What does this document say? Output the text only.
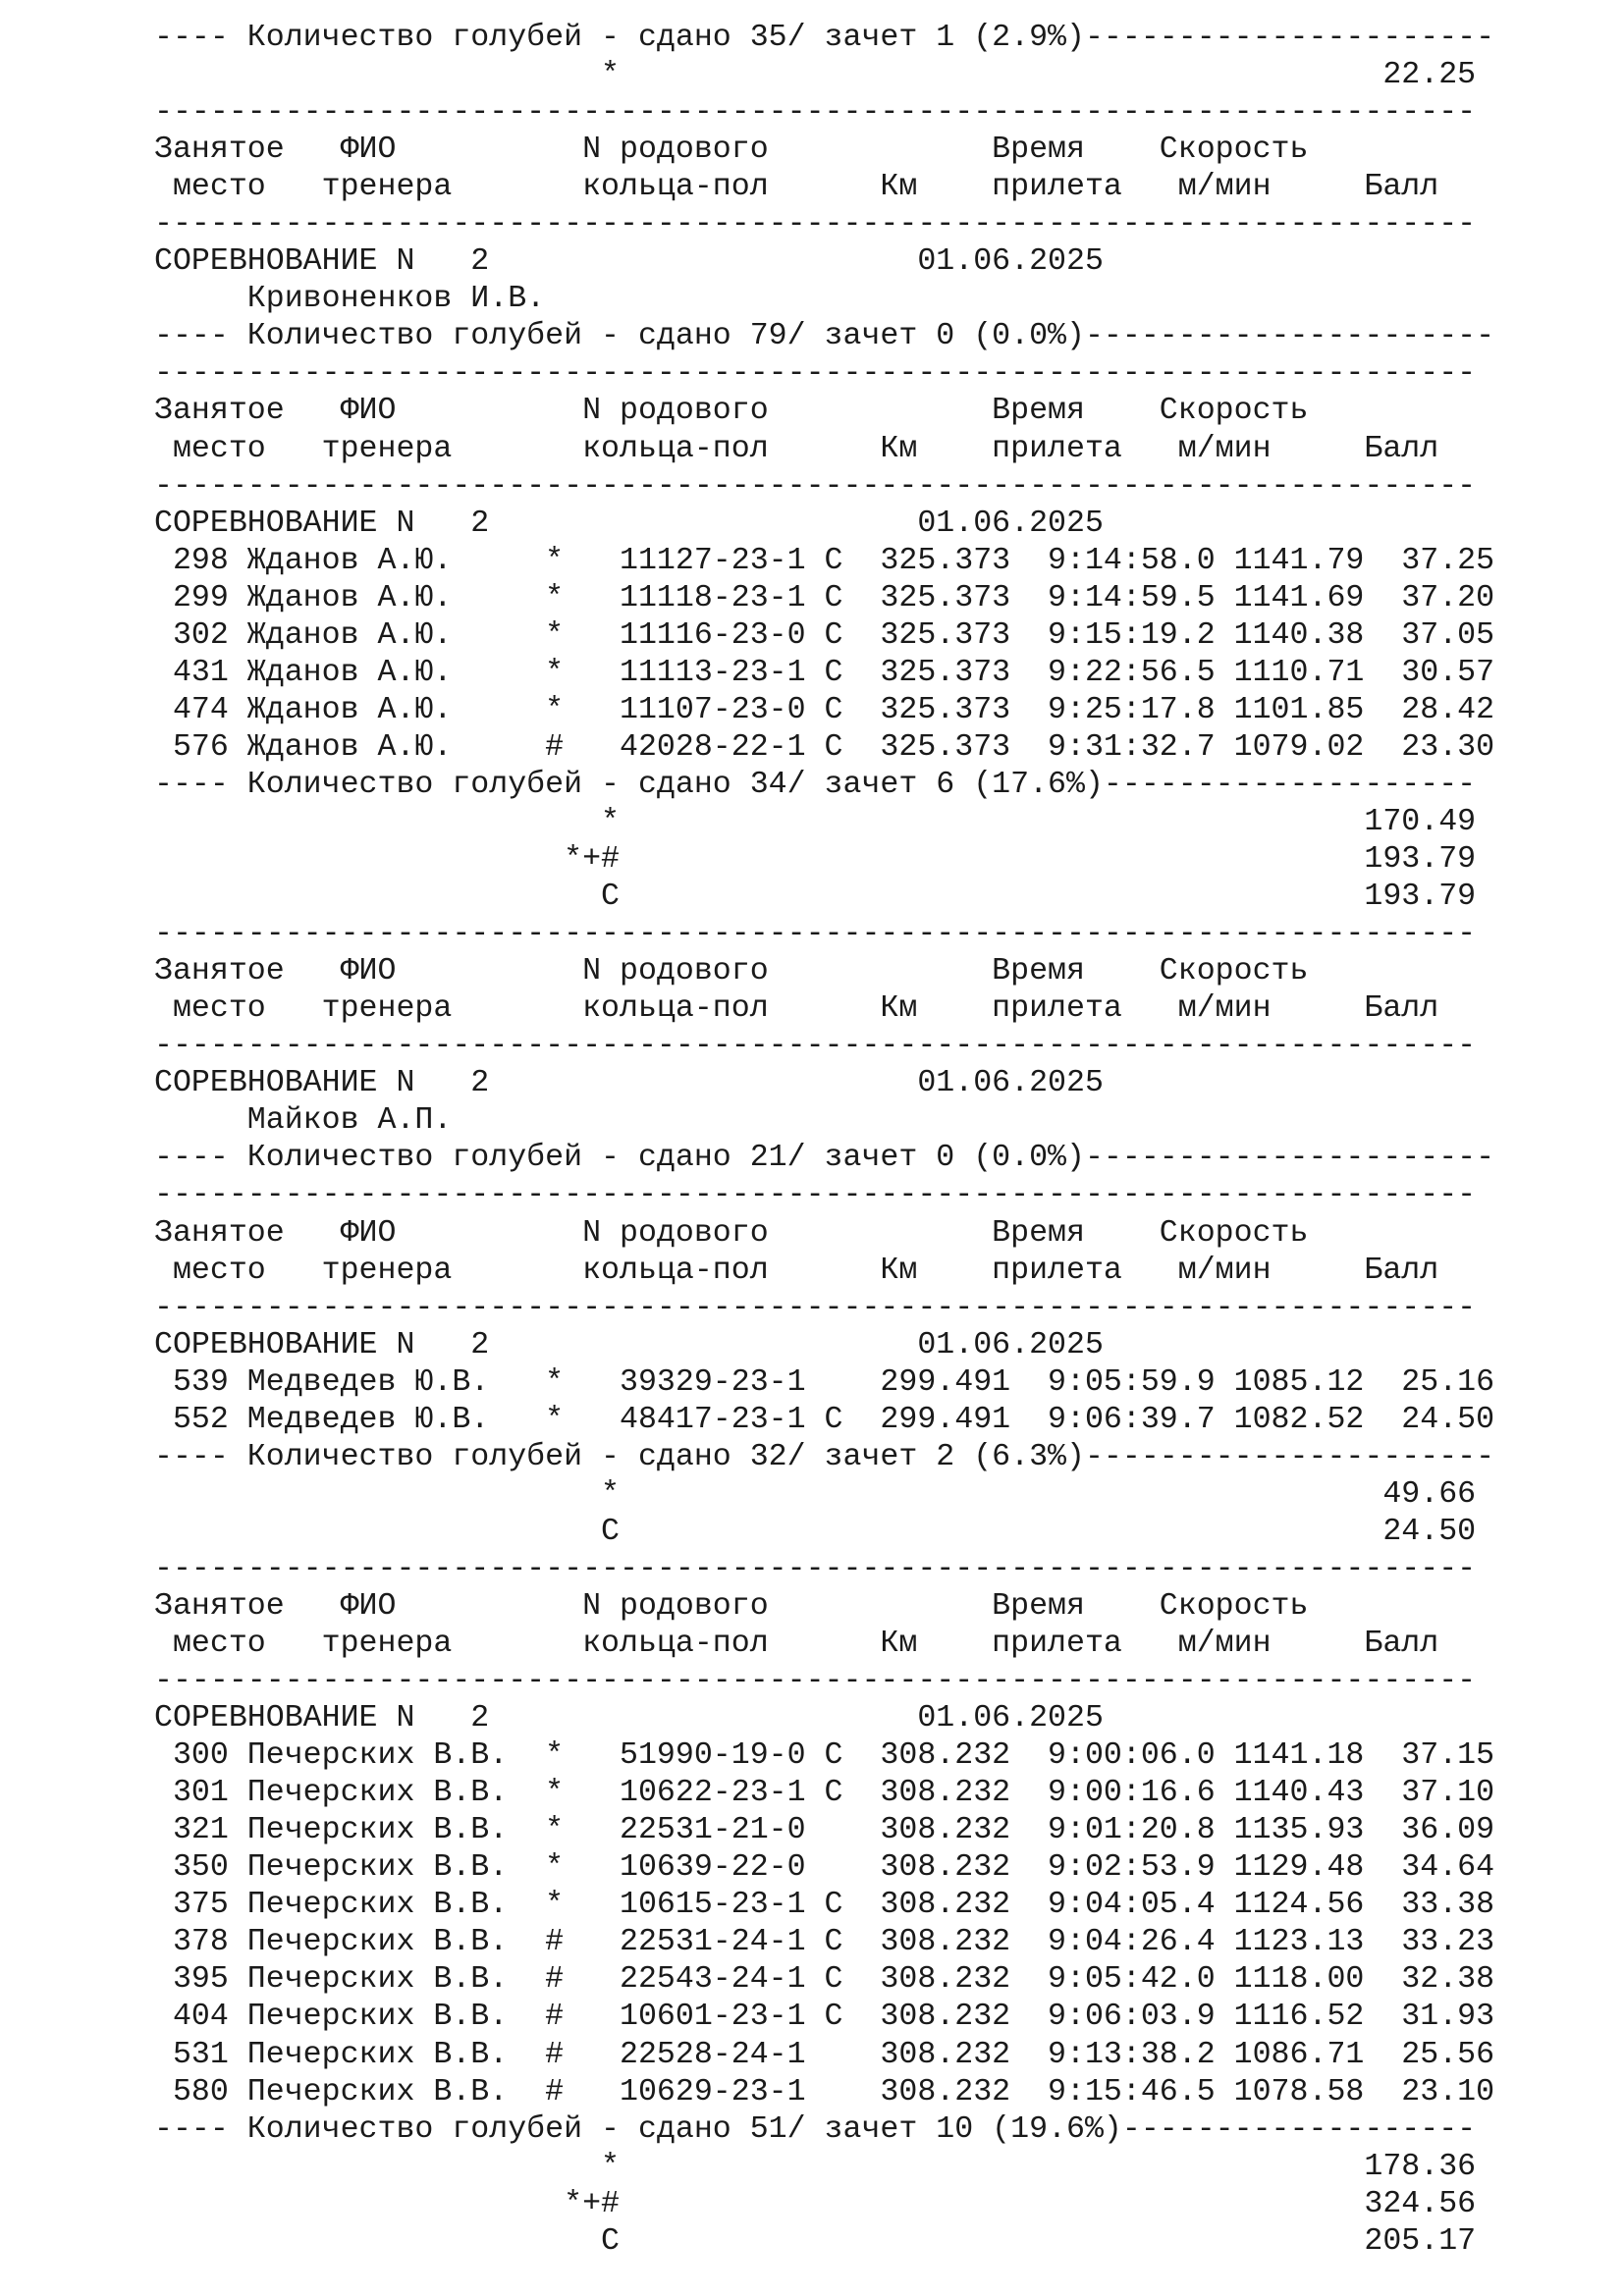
---- Количество голубей - сдано 35/ зачет 1 (2.9%)----------------------
*                                         22.25
-----------------------------------------------------------------------
Занятое   ФИО          N родового            Время    Скорость
место   тренера       кольца-пол      Км    прилета   м/мин     Балл
-----------------------------------------------------------------------
СОРЕВНОВАНИЕ N   2                       01.06.2025
Кривоненков И.В.
---- Количество голубей - сдано 79/ зачет 0 (0.0%)----------------------
-----------------------------------------------------------------------
Занятое   ФИО          N родового            Время    Скорость
место   тренера       кольца-пол      Км    прилета   м/мин     Балл
-----------------------------------------------------------------------
СОРЕВНОВАНИЕ N   2                       01.06.2025
298 Жданов А.Ю.     *   11127-23-1 С  325.373  9:14:58.0 1141.79  37.25
299 Жданов А.Ю.     *   11118-23-1 С  325.373  9:14:59.5 1141.69  37.20
302 Жданов А.Ю.     *   11116-23-0 С  325.373  9:15:19.2 1140.38  37.05
431 Жданов А.Ю.     *   11113-23-1 С  325.373  9:22:56.5 1110.71  30.57
474 Жданов А.Ю.     *   11107-23-0 С  325.373  9:25:17.8 1101.85  28.42
576 Жданов А.Ю.     #   42028-22-1 С  325.373  9:31:32.7 1079.02  23.30
---- Количество голубей - сдано 34/ зачет 6 (17.6%)--------------------
*                                        170.49
*+#                                        193.79
С                                        193.79
-----------------------------------------------------------------------
Занятое   ФИО          N родового            Время    Скорость
место   тренера       кольца-пол      Км    прилета   м/мин     Балл
-----------------------------------------------------------------------
СОРЕВНОВАНИЕ N   2                       01.06.2025
Майков А.П.
---- Количество голубей - сдано 21/ зачет 0 (0.0%)----------------------
-----------------------------------------------------------------------
Занятое   ФИО          N родового            Время    Скорость
место   тренера       кольца-пол      Км    прилета   м/мин     Балл
-----------------------------------------------------------------------
СОРЕВНОВАНИЕ N   2                       01.06.2025
539 Медведев Ю.В.   *   39329-23-1    299.491  9:05:59.9 1085.12  25.16
552 Медведев Ю.В.   *   48417-23-1 С  299.491  9:06:39.7 1082.52  24.50
---- Количество голубей - сдано 32/ зачет 2 (6.3%)----------------------
*                                         49.66
С                                         24.50
-----------------------------------------------------------------------
Занятое   ФИО          N родового            Время    Скорость
место   тренера       кольца-пол      Км    прилета   м/мин     Балл
-----------------------------------------------------------------------
СОРЕВНОВАНИЕ N   2                       01.06.2025
300 Печерских В.В.  *   51990-19-0 С  308.232  9:00:06.0 1141.18  37.15
301 Печерских В.В.  *   10622-23-1 С  308.232  9:00:16.6 1140.43  37.10
321 Печерских В.В.  *   22531-21-0    308.232  9:01:20.8 1135.93  36.09
350 Печерских В.В.  *   10639-22-0    308.232  9:02:53.9 1129.48  34.64
375 Печерских В.В.  *   10615-23-1 С  308.232  9:04:05.4 1124.56  33.38
378 Печерских В.В.  #   22531-24-1 С  308.232  9:04:26.4 1123.13  33.23
395 Печерских В.В.  #   22543-24-1 С  308.232  9:05:42.0 1118.00  32.38
404 Печерских В.В.  #   10601-23-1 С  308.232  9:06:03.9 1116.52  31.93
531 Печерских В.В.  #   22528-24-1    308.232  9:13:38.2 1086.71  25.56
580 Печерских В.В.  #   10629-23-1    308.232  9:15:46.5 1078.58  23.10
---- Количество голубей - сдано 51/ зачет 10 (19.6%)-------------------
*                                        178.36
*+#                                        324.56
С                                        205.17
